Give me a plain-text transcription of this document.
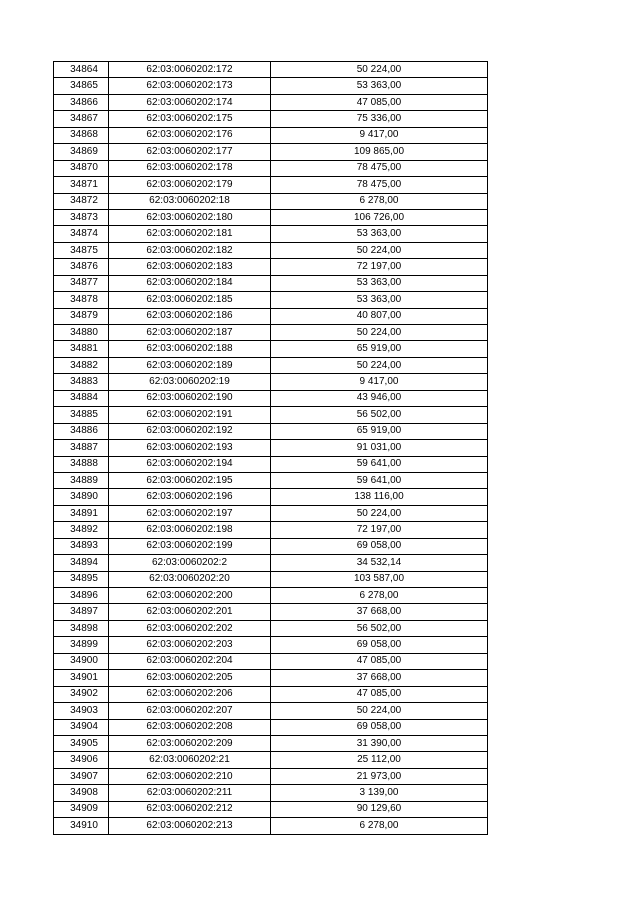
34864	62:03:0060202:172	50 224,00
34865	62:03:0060202:173	53 363,00
34866	62:03:0060202:174	47 085,00
34867	62:03:0060202:175	75 336,00
34868	62:03:0060202:176	9 417,00
34869	62:03:0060202:177	109 865,00
34870	62:03:0060202:178	78 475,00
34871	62:03:0060202:179	78 475,00
34872	62:03:0060202:18	6 278,00
34873	62:03:0060202:180	106 726,00
34874	62:03:0060202:181	53 363,00
34875	62:03:0060202:182	50 224,00
34876	62:03:0060202:183	72 197,00
34877	62:03:0060202:184	53 363,00
34878	62:03:0060202:185	53 363,00
34879	62:03:0060202:186	40 807,00
34880	62:03:0060202:187	50 224,00
34881	62:03:0060202:188	65 919,00
34882	62:03:0060202:189	50 224,00
34883	62:03:0060202:19	9 417,00
34884	62:03:0060202:190	43 946,00
34885	62:03:0060202:191	56 502,00
34886	62:03:0060202:192	65 919,00
34887	62:03:0060202:193	91 031,00
34888	62:03:0060202:194	59 641,00
34889	62:03:0060202:195	59 641,00
34890	62:03:0060202:196	138 116,00
34891	62:03:0060202:197	50 224,00
34892	62:03:0060202:198	72 197,00
34893	62:03:0060202:199	69 058,00
34894	62:03:0060202:2	34 532,14
34895	62:03:0060202:20	103 587,00
34896	62:03:0060202:200	6 278,00
34897	62:03:0060202:201	37 668,00
34898	62:03:0060202:202	56 502,00
34899	62:03:0060202:203	69 058,00
34900	62:03:0060202:204	47 085,00
34901	62:03:0060202:205	37 668,00
34902	62:03:0060202:206	47 085,00
34903	62:03:0060202:207	50 224,00
34904	62:03:0060202:208	69 058,00
34905	62:03:0060202:209	31 390,00
34906	62:03:0060202:21	25 112,00
34907	62:03:0060202:210	21 973,00
34908	62:03:0060202:211	3 139,00
34909	62:03:0060202:212	90 129,60
34910	62:03:0060202:213	6 278,00
